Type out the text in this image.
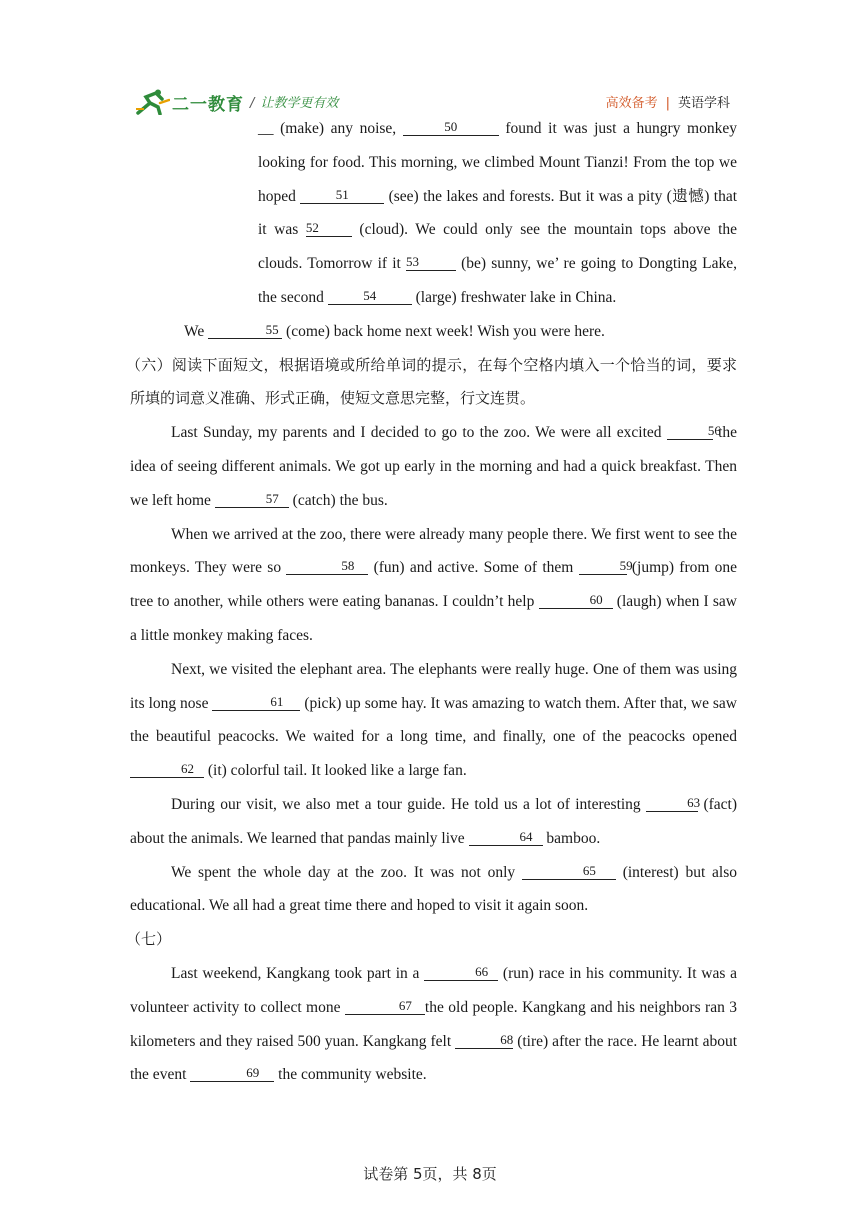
二一教育 / 让教学更有效	高效备考 | 英语学科

__ (make) any noise,	50	found it was just a hungry monkey looking for food. This morning, we climbed Mount Tianzi! From the top we hoped	51	(see) the lakes and forests. But it was a pity (遗憾) that it was 52	(cloud). We could only see the mountain tops above the clouds. Tomorrow if it 53	(be) sunny, we’ re going to Dongting Lake, the second	54	(large) freshwater lake in China.

We	55 (come) back home next week! Wish you were here.

（六）阅读下面短文，根据语境或所给单词的提示，在每个空格内填入一个恰当的词，要求所填的词意义准确、形式正确，使短文意思完整，行文连贯。

Last Sunday, my parents and I decided to go to the zoo. We were all excited	56 the idea of seeing different animals. We got up early in the morning and had a quick breakfast. Then we left home	57 (catch) the bus.

When we arrived at the zoo, there were already many people there. We first went to see the monkeys. They were so	58 (fun) and active. Some of them	59 (jump) from one tree to another, while others were eating bananas. I couldn’t help	60 (laugh) when I saw a little monkey making faces.

Next, we visited the elephant area. The elephants were really huge. One of them was using its long nose	61 (pick) up some hay. It was amazing to watch them. After that, we saw the beautiful peacocks. We waited for a long time, and finally, one of the peacocks opened 62 (it) colorful tail. It looked like a large fan.

During our visit, we also met a tour guide. He told us a lot of interesting	63 (fact) about the animals. We learned that pandas mainly live	64 bamboo.

We spent the whole day at the zoo. It was not only	65 (interest) but also educational. We all had a great time there and hoped to visit it again soon.

（七）

Last weekend, Kangkang took part in a	66 (run) race in his community. It was a volunteer activity to collect mone	67 the old people. Kangkang and his neighbors ran 3 kilometers and they raised 500 yuan. Kangkang felt	68 (tire) after the race. He learnt about the event	69 the community website.

试卷第 5页，共 8页
